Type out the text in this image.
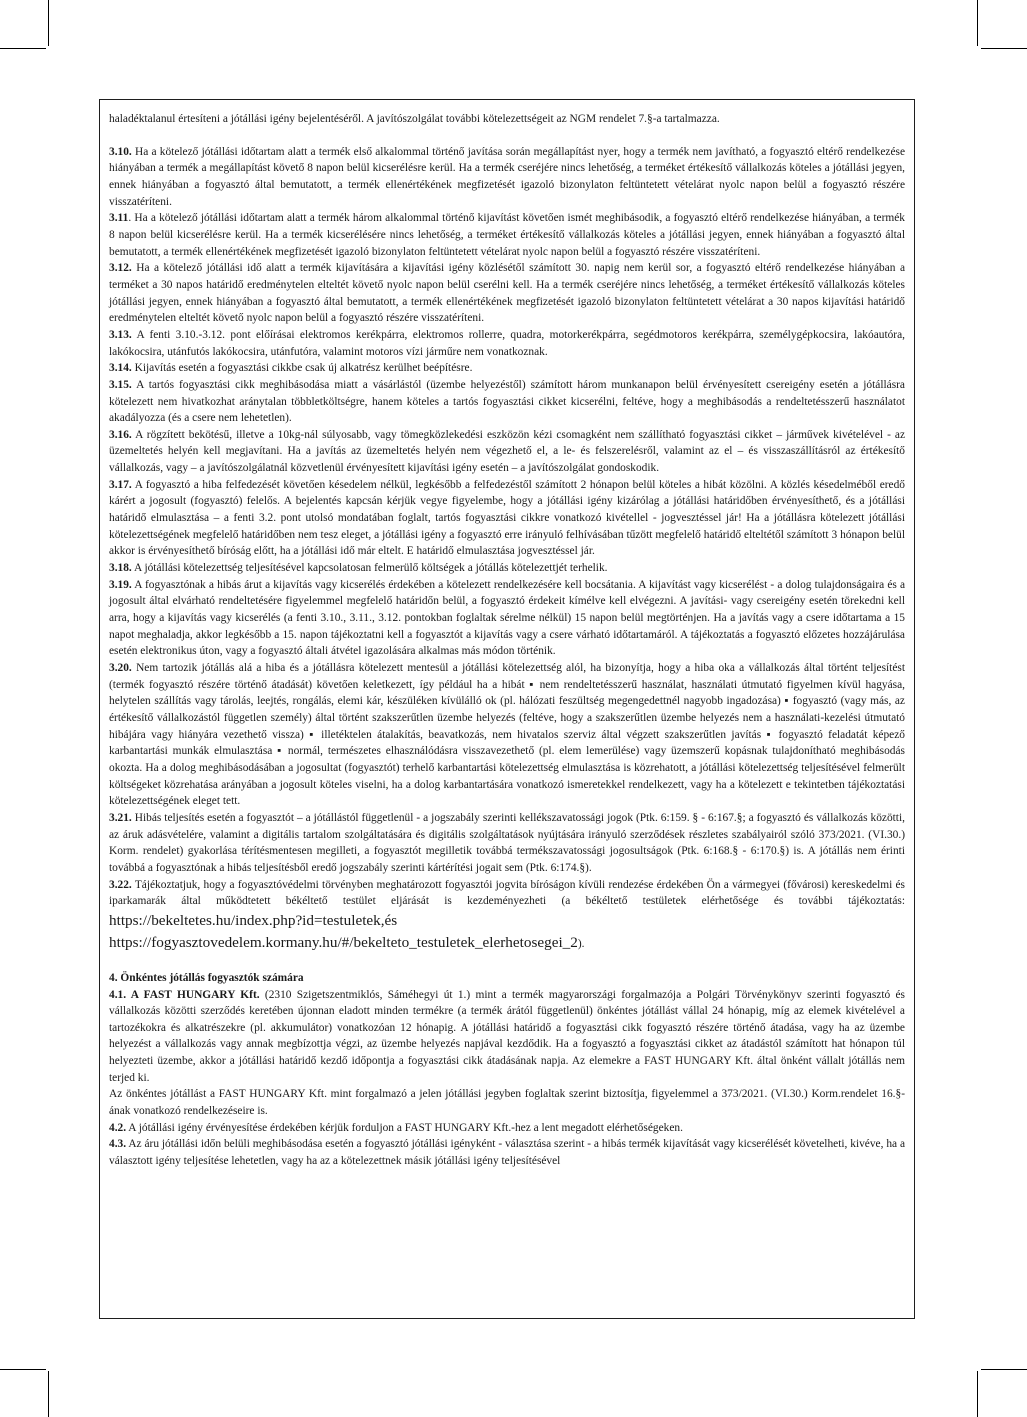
haladéktalanul értesíteni a jótállási igény bejelentéséről. A javítószolgálat további kötelezettségeit az NGM rendelet 7.§-a tartalmazza.

3.10. Ha a kötelező jótállási időtartam alatt a termék első alkalommal történő javítása során megállapítást nyer, hogy a termék nem javítható, a fogyasztó eltérő rendelkezése hiányában a termék a megállapítást követő 8 napon belül kicserélésre kerül. Ha a termék cseréjére nincs lehetőség, a terméket értékesítő vállalkozás köteles a jótállási jegyen, ennek hiányában a fogyasztó által bemutatott, a termék ellenértékének megfizetését igazoló bizonylaton feltüntetett vételárat nyolc napon belül a fogyasztó részére visszatéríteni.

3.11. Ha a kötelező jótállási időtartam alatt a termék három alkalommal történő kijavítást követően ismét meghibásodik, a fogyasztó eltérő rendelkezése hiányában, a termék 8 napon belül kicserélésre kerül. Ha a termék kicserélésére nincs lehetőség, a terméket értékesítő vállalkozás köteles a jótállási jegyen, ennek hiányában a fogyasztó által bemutatott, a termék ellenértékének megfizetését igazoló bizonylaton feltüntetett vételárat nyolc napon belül a fogyasztó részére visszatéríteni.

3.12. Ha a kötelező jótállási idő alatt a termék kijavítására a kijavítási igény közlésétől számított 30. napig nem kerül sor, a fogyasztó eltérő rendelkezése hiányában a terméket a 30 napos határidő eredménytelen elteltét követő nyolc napon belül cserélni kell. Ha a termék cseréjére nincs lehetőség, a terméket értékesítő vállalkozás köteles jótállási jegyen, ennek hiányában a fogyasztó által bemutatott, a termék ellenértékének megfizetését igazoló bizonylaton feltüntetett vételárat a 30 napos kijavítási határidő eredménytelen elteltét követő nyolc napon belül a fogyasztó részére visszatéríteni.

3.13. A fenti 3.10.-3.12. pont előírásai elektromos kerékpárra, elektromos rollerre, quadra, motorkerékpárra, segédmotoros kerékpárra, személygépkocsira, lakóautóra, lakókocsira, utánfutós lakókocsira, utánfutóra, valamint motoros vízi járműre nem vonatkoznak.

3.14. Kijavítás esetén a fogyasztási cikkbe csak új alkatrész kerülhet beépítésre.

3.15. A tartós fogyasztási cikk meghibásodása miatt a vásárlástól (üzembe helyezéstől) számított három munkanapon belül érvényesített csereigény esetén a jótállásra kötelezett nem hivatkozhat aránytalan többletköltségre, hanem köteles a tartós fogyasztási cikket kicserélni, feltéve, hogy a meghibásodás a rendeltetésszerű használatot akadályozza (és a csere nem lehetetlen).

3.16. A rögzített bekötésű, illetve a 10kg-nál súlyosabb, vagy tömegközlekedési eszközön kézi csomagként nem szállítható fogyasztási cikket – járművek kivételével - az üzemeltetés helyén kell megjavítani. Ha a javítás az üzemeltetés helyén nem végezhető el, a le- és felszerelésről, valamint az el – és visszaszállításról az értékesítő vállalkozás, vagy – a javítószolgálatnál közvetlenül érvényesített kijavítási igény esetén – a javítószolgálat gondoskodik.

3.17. A fogyasztó a hiba felfedezését követően késedelem nélkül, legkésőbb a felfedezéstől számított 2 hónapon belül köteles a hibát közölni. A közlés késedelméből eredő kárért a jogosult (fogyasztó) felelős. A bejelentés kapcsán kérjük vegye figyelembe, hogy a jótállási igény kizárólag a jótállási határidőben érvényesíthető, és a jótállási határidő elmulasztása – a fenti 3.2. pont utolsó mondatában foglalt, tartós fogyasztási cikkre vonatkozó kivétellel - jogvesztéssel jár! Ha a jótállásra kötelezett jótállási kötelezettségének megfelelő határidőben nem tesz eleget, a jótállási igény a fogyasztó erre irányuló felhívásában tűzött megfelelő határidő elteltétől számított 3 hónapon belül akkor is érvényesíthető bíróság előtt, ha a jótállási idő már eltelt. E határidő elmulasztása jogvesztéssel jár.

3.18. A jótállási kötelezettség teljesítésével kapcsolatosan felmerülő költségek a jótállás kötelezettjét terhelik.

3.19. A fogyasztónak a hibás árut a kijavítás vagy kicserélés érdekében a kötelezett rendelkezésére kell bocsátania. A kijavítást vagy kicserélést - a dolog tulajdonságaira és a jogosult által elvárható rendeltetésére figyelemmel megfelelő határidőn belül, a fogyasztó érdekeit kímélve kell elvégezni. A javítási- vagy csereigény esetén törekedni kell arra, hogy a kijavítás vagy kicserélés (a fenti 3.10., 3.11., 3.12. pontokban foglaltak sérelme nélkül) 15 napon belül megtörténjen. Ha a javítás vagy a csere időtartama a 15 napot meghaladja, akkor legkésőbb a 15. napon tájékoztatni kell a fogyasztót a kijavítás vagy a csere várható időtartamáról. A tájékoztatás a fogyasztó előzetes hozzájárulása esetén elektronikus úton, vagy a fogyasztó általi átvétel igazolására alkalmas más módon történik.

3.20. Nem tartozik jótállás alá a hiba és a jótállásra kötelezett mentesül a jótállási kötelezettség alól, ha bizonyítja, hogy a hiba oka a vállalkozás által történt teljesítést (termék fogyasztó részére történő átadását) követően keletkezett, így például ha a hibát ▪ nem rendeltetésszerű használat, használati útmutató figyelmen kívül hagyása, helytelen szállítás vagy tárolás, leejtés, rongálás, elemi kár, készüléken kívülálló ok (pl. hálózati feszültség megengedettnél nagyobb ingadozása) ▪ fogyasztó (vagy más, az értékesítő vállalkozástól független személy) által történt szakszerűtlen üzembe helyezés (feltéve, hogy a szakszerűtlen üzembe helyezés nem a használati-kezelési útmutató hibájára vagy hiányára vezethető vissza) ▪ illetéktelen átalakítás, beavatkozás, nem hivatalos szerviz által végzett szakszerűtlen javítás ▪ fogyasztó feladatát képező karbantartási munkák elmulasztása ▪ normál, természetes elhasználódásra visszavezethető (pl. elem lemerülése) vagy üzemszerű kopásnak tulajdonítható meghibásodás okozta. Ha a dolog meghibásodásában a jogosultat (fogyasztót) terhelő karbantartási kötelezettség elmulasztása is közrehatott, a jótállási kötelezettség teljesítésével felmerült költségeket közrehatása arányában a jogosult köteles viselni, ha a dolog karbantartására vonatkozó ismeretekkel rendelkezett, vagy ha a kötelezett e tekintetben tájékoztatási kötelezettségének eleget tett.

3.21. Hibás teljesítés esetén a fogyasztót – a jótállástól függetlenül - a jogszabály szerinti kellékszavatossági jogok (Ptk. 6:159. § - 6:167.§; a fogyasztó és vállalkozás közötti, az áruk adásvételére, valamint a digitális tartalom szolgáltatására és digitális szolgáltatások nyújtására irányuló szerződések részletes szabályairól szóló 373/2021. (VI.30.) Korm. rendelet) gyakorlása térítésmentesen megilleti, a fogyasztót megilletik továbbá termékszavatossági jogosultságok (Ptk. 6:168.§ - 6:170.§) is. A jótállás nem érinti továbbá a fogyasztónak a hibás teljesítésből eredő jogszabály szerinti kártérítési jogait sem (Ptk. 6:174.§).

3.22. Tájékoztatjuk, hogy a fogyasztóvédelmi törvényben meghatározott fogyasztói jogvita bíróságon kívüli rendezése érdekében Ön a vármegyei (fővárosi) kereskedelmi és iparkamarák által működtetett békéltető testület eljárását is kezdeményezheti (a békéltető testületek elérhetősége és további tájékoztatás: https://bekeltetes.hu/index.php?id=testuletek,és
https://fogyasztovedelem.kormany.hu/#/bekelteto_testuletek_elerhetosegei_2).

4. Önkéntes jótállás fogyasztók számára

4.1. A FAST HUNGARY Kft. (2310 Szigetszentmiklós, Sáméhegyi út 1.) mint a termék magyarországi forgalmazója a Polgári Törvénykönyv szerinti fogyasztó és vállalkozás közötti szerződés keretében újonnan eladott minden termékre (a termék árától függetlenül) önkéntes jótállást vállal 24 hónapig, míg az elemek kivételével a tartozékokra és alkatrészekre (pl. akkumulátor) vonatkozóan 12 hónapig. A jótállási határidő a fogyasztási cikk fogyasztó részére történő átadása, vagy ha az üzembe helyezést a vállalkozás vagy annak megbízottja végzi, az üzembe helyezés napjával kezdődik. Ha a fogyasztó a fogyasztási cikket az átadástól számított hat hónapon túl helyezteti üzembe, akkor a jótállási határidő kezdő időpontja a fogyasztási cikk átadásának napja. Az elemekre a FAST HUNGARY Kft. által önként vállalt jótállás nem terjed ki.

Az önkéntes jótállást a FAST HUNGARY Kft. mint forgalmazó a jelen jótállási jegyben foglaltak szerint biztosítja, figyelemmel a 373/2021. (VI.30.) Korm.rendelet 16.§-ának vonatkozó rendelkezéseire is.

4.2. A jótállási igény érvényesítése érdekében kérjük forduljon a FAST HUNGARY Kft.-hez a lent megadott elérhetőségeken.

4.3. Az áru jótállási időn belüli meghibásodása esetén a fogyasztó jótállási igényként - választása szerint - a hibás termék kijavítását vagy kicserélését követelheti, kivéve, ha a választott igény teljesítése lehetetlen, vagy ha az a kötelezettnek másik jótállási igény teljesítésével
